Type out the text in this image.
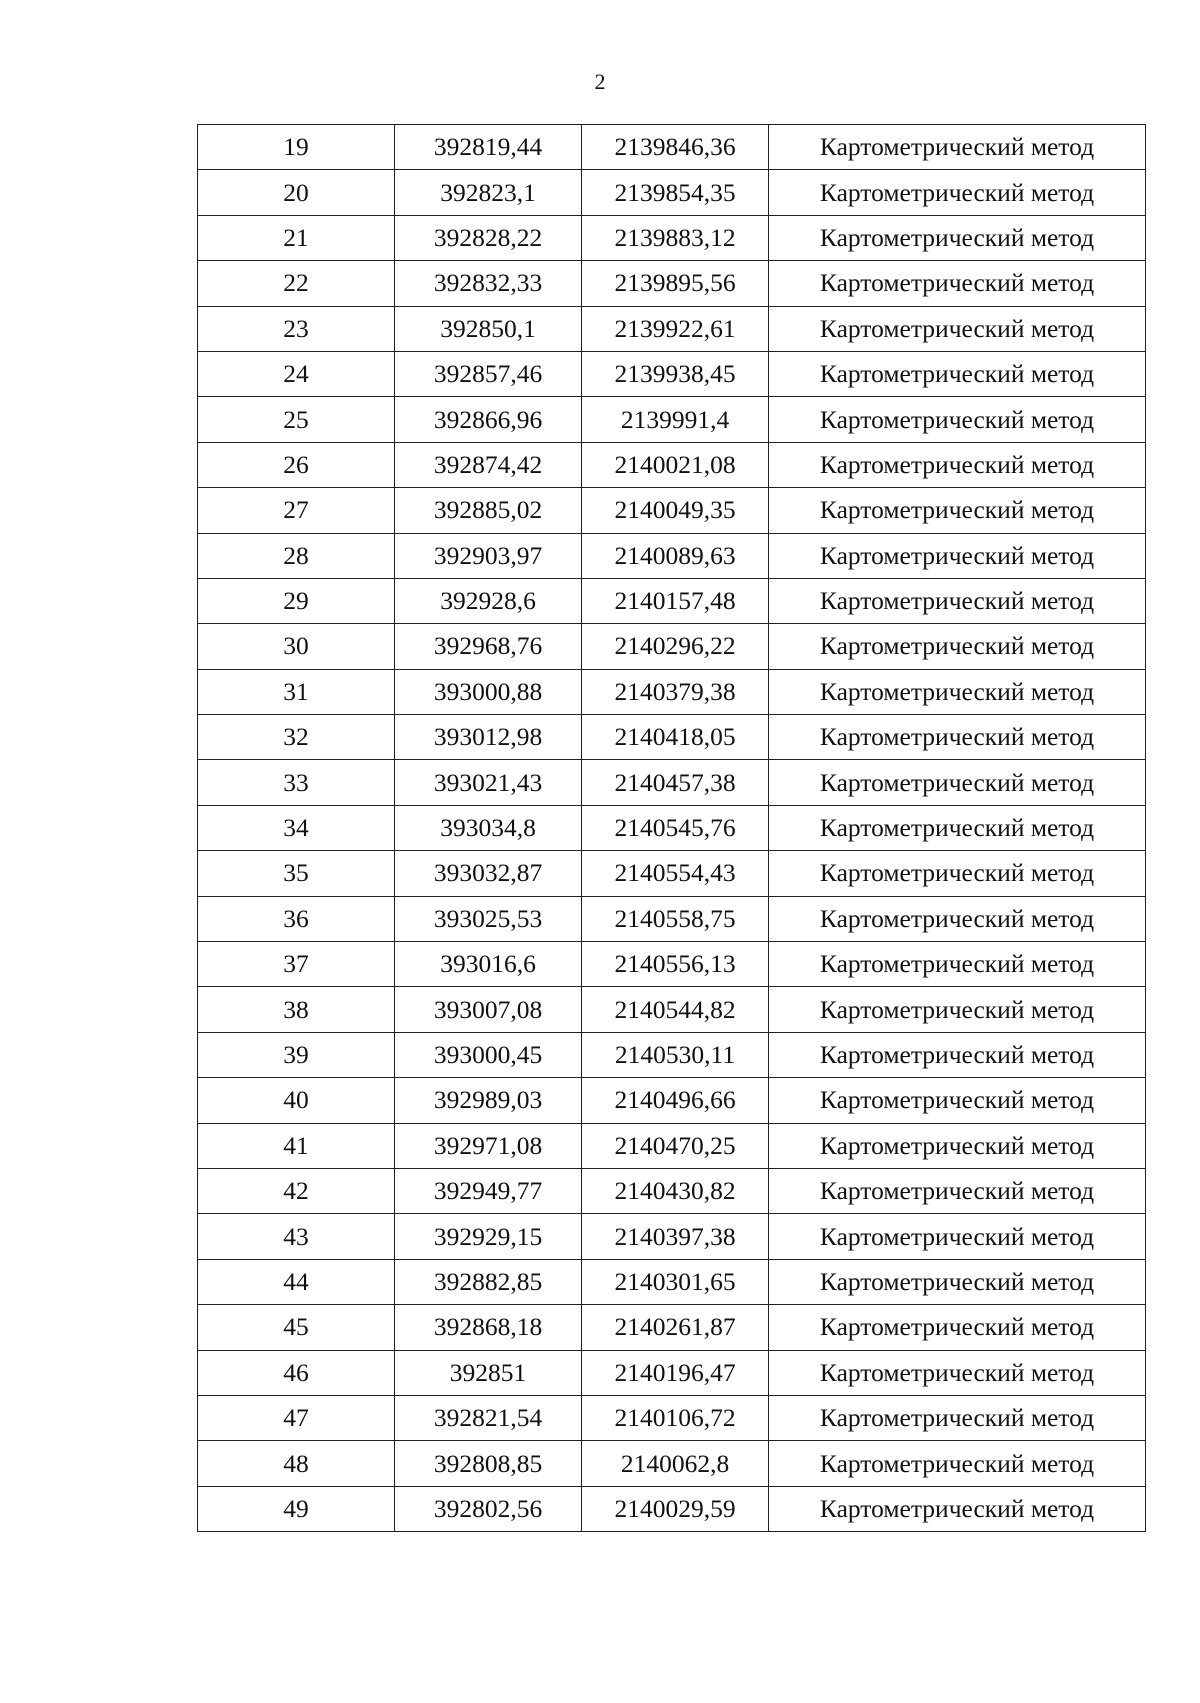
2
19	392819,44	2139846,36	Картометрический метод
20	392823,1	2139854,35	Картометрический метод
21	392828,22	2139883,12	Картометрический метод
22	392832,33	2139895,56	Картометрический метод
23	392850,1	2139922,61	Картометрический метод
24	392857,46	2139938,45	Картометрический метод
25	392866,96	2139991,4	Картометрический метод
26	392874,42	2140021,08	Картометрический метод
27	392885,02	2140049,35	Картометрический метод
28	392903,97	2140089,63	Картометрический метод
29	392928,6	2140157,48	Картометрический метод
30	392968,76	2140296,22	Картометрический метод
31	393000,88	2140379,38	Картометрический метод
32	393012,98	2140418,05	Картометрический метод
33	393021,43	2140457,38	Картометрический метод
34	393034,8	2140545,76	Картометрический метод
35	393032,87	2140554,43	Картометрический метод
36	393025,53	2140558,75	Картометрический метод
37	393016,6	2140556,13	Картометрический метод
38	393007,08	2140544,82	Картометрический метод
39	393000,45	2140530,11	Картометрический метод
40	392989,03	2140496,66	Картометрический метод
41	392971,08	2140470,25	Картометрический метод
42	392949,77	2140430,82	Картометрический метод
43	392929,15	2140397,38	Картометрический метод
44	392882,85	2140301,65	Картометрический метод
45	392868,18	2140261,87	Картометрический метод
46	392851	2140196,47	Картометрический метод
47	392821,54	2140106,72	Картометрический метод
48	392808,85	2140062,8	Картометрический метод
49	392802,56	2140029,59	Картометрический метод
